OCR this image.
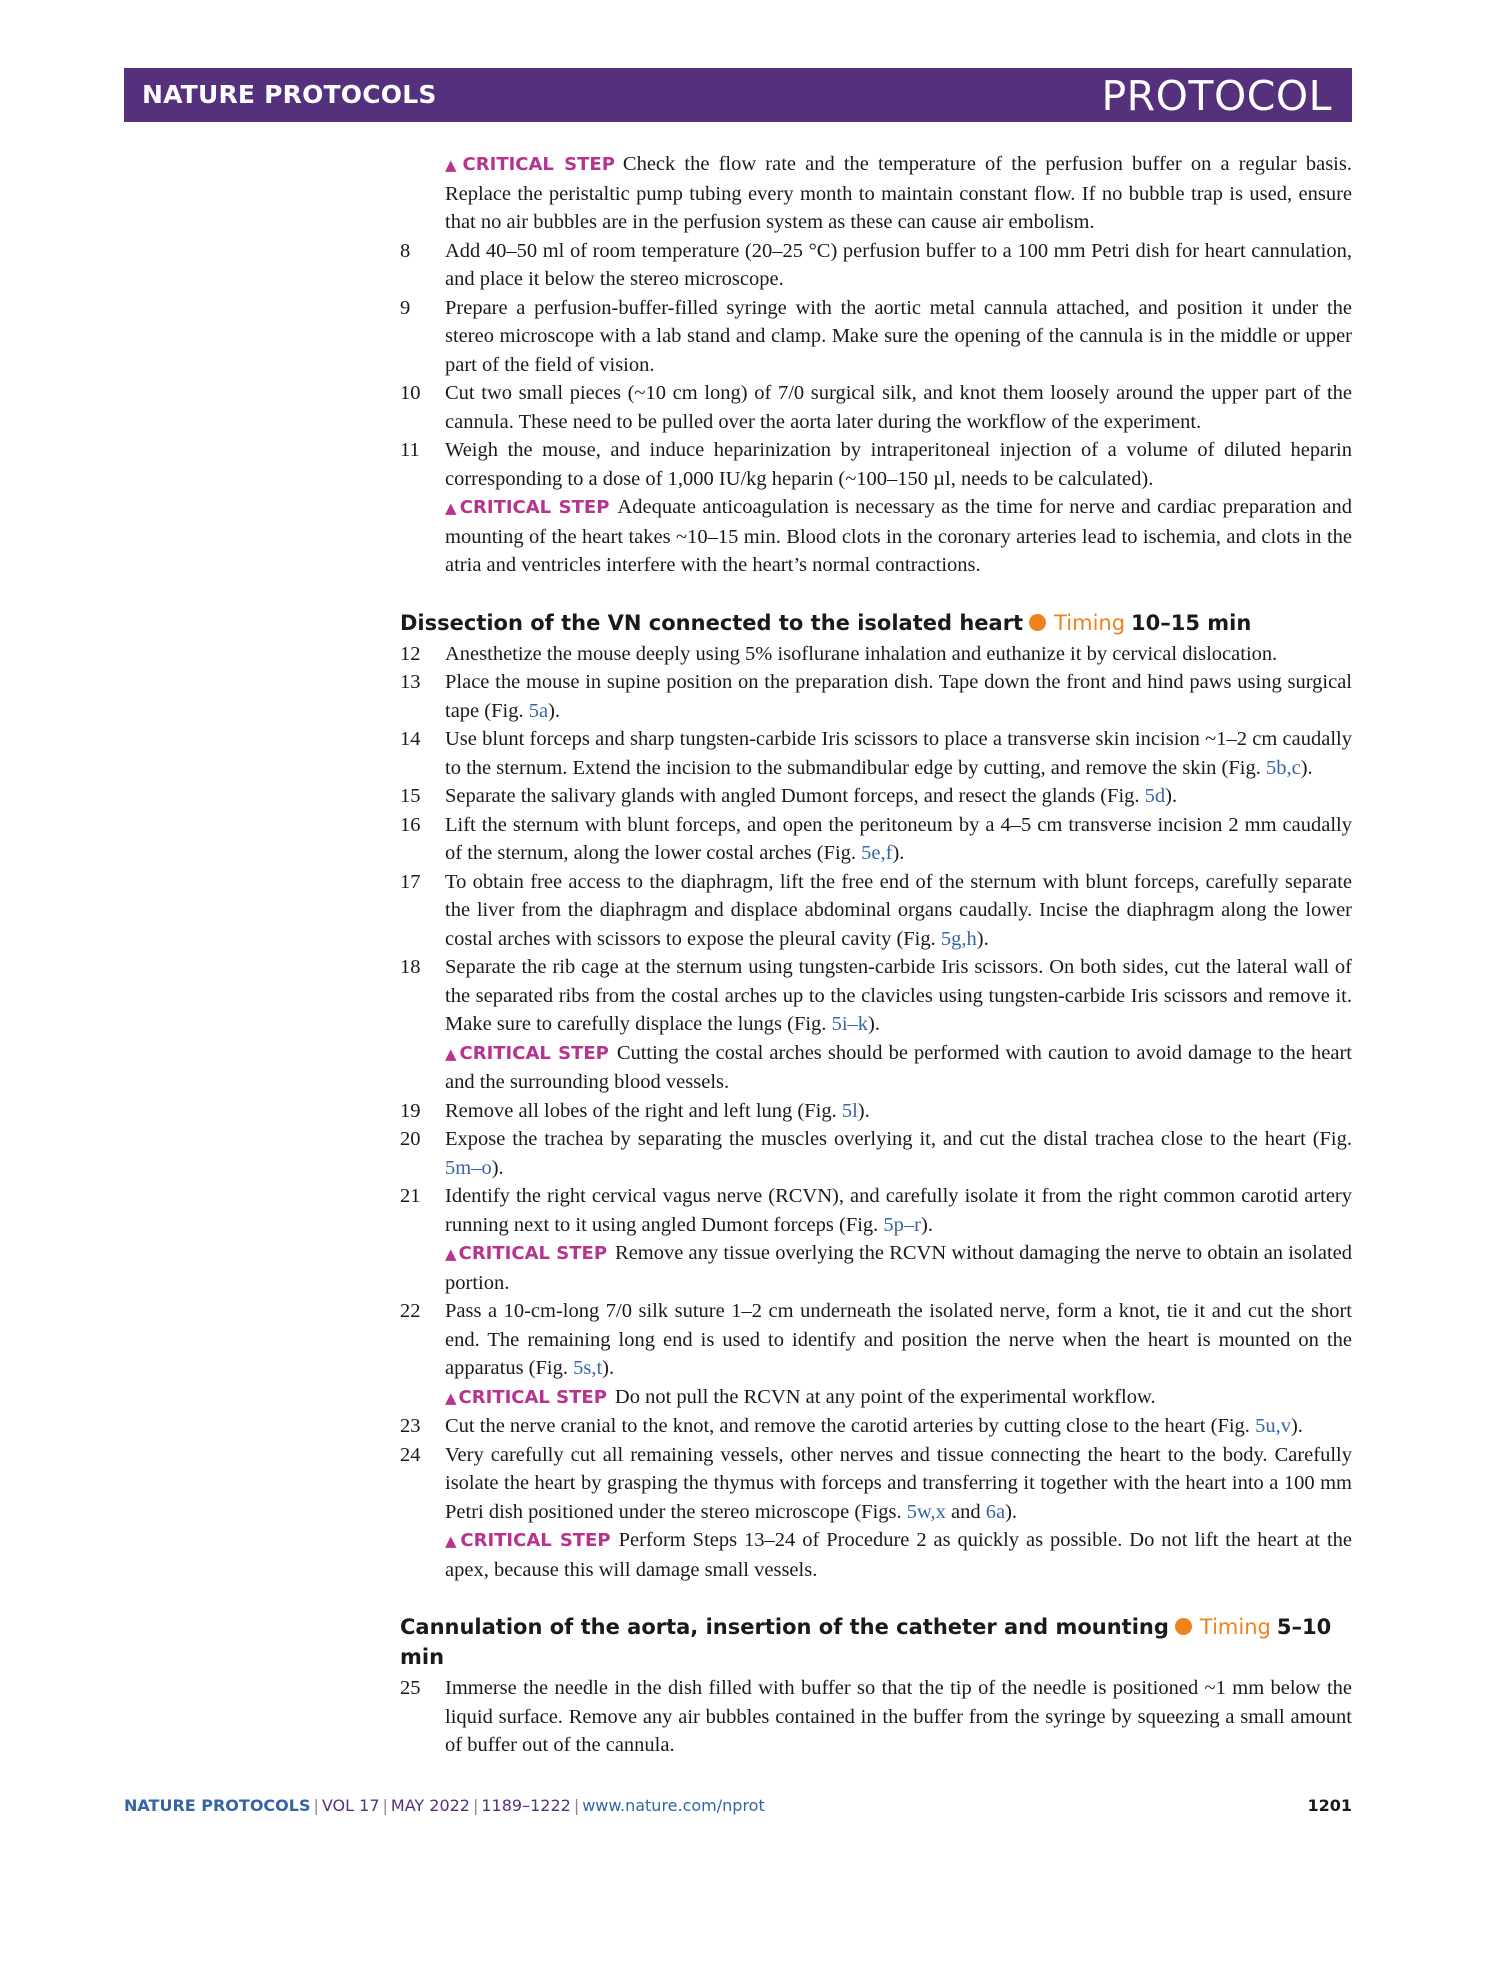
NATURE PROTOCOLS	PROTOCOL
▲ CRITICAL STEP Check the flow rate and the temperature of the perfusion buffer on a regular basis. Replace the peristaltic pump tubing every month to maintain constant flow. If no bubble trap is used, ensure that no air bubbles are in the perfusion system as these can cause air embolism.
8 Add 40–50 ml of room temperature (20–25 °C) perfusion buffer to a 100 mm Petri dish for heart cannulation, and place it below the stereo microscope.
9 Prepare a perfusion-buffer-filled syringe with the aortic metal cannula attached, and position it under the stereo microscope with a lab stand and clamp. Make sure the opening of the cannula is in the middle or upper part of the field of vision.
10 Cut two small pieces (~10 cm long) of 7/0 surgical silk, and knot them loosely around the upper part of the cannula. These need to be pulled over the aorta later during the workflow of the experiment.
11 Weigh the mouse, and induce heparinization by intraperitoneal injection of a volume of diluted heparin corresponding to a dose of 1,000 IU/kg heparin (~100–150 µl, needs to be calculated).
▲ CRITICAL STEP Adequate anticoagulation is necessary as the time for nerve and cardiac preparation and mounting of the heart takes ~10–15 min. Blood clots in the coronary arteries lead to ischemia, and clots in the atria and ventricles interfere with the heart’s normal contractions.
Dissection of the VN connected to the isolated heart Timing 10–15 min
12 Anesthetize the mouse deeply using 5% isoflurane inhalation and euthanize it by cervical dislocation.
13 Place the mouse in supine position on the preparation dish. Tape down the front and hind paws using surgical tape (Fig. 5a).
14 Use blunt forceps and sharp tungsten-carbide Iris scissors to place a transverse skin incision ~1–2 cm caudally to the sternum. Extend the incision to the submandibular edge by cutting, and remove the skin (Fig. 5b,c).
15 Separate the salivary glands with angled Dumont forceps, and resect the glands (Fig. 5d).
16 Lift the sternum with blunt forceps, and open the peritoneum by a 4–5 cm transverse incision 2 mm caudally of the sternum, along the lower costal arches (Fig. 5e,f).
17 To obtain free access to the diaphragm, lift the free end of the sternum with blunt forceps, carefully separate the liver from the diaphragm and displace abdominal organs caudally. Incise the diaphragm along the lower costal arches with scissors to expose the pleural cavity (Fig. 5g,h).
18 Separate the rib cage at the sternum using tungsten-carbide Iris scissors. On both sides, cut the lateral wall of the separated ribs from the costal arches up to the clavicles using tungsten-carbide Iris scissors and remove it. Make sure to carefully displace the lungs (Fig. 5i–k).
▲ CRITICAL STEP Cutting the costal arches should be performed with caution to avoid damage to the heart and the surrounding blood vessels.
19 Remove all lobes of the right and left lung (Fig. 5l).
20 Expose the trachea by separating the muscles overlying it, and cut the distal trachea close to the heart (Fig. 5m–o).
21 Identify the right cervical vagus nerve (RCVN), and carefully isolate it from the right common carotid artery running next to it using angled Dumont forceps (Fig. 5p–r).
▲ CRITICAL STEP Remove any tissue overlying the RCVN without damaging the nerve to obtain an isolated portion.
22 Pass a 10-cm-long 7/0 silk suture 1–2 cm underneath the isolated nerve, form a knot, tie it and cut the short end. The remaining long end is used to identify and position the nerve when the heart is mounted on the apparatus (Fig. 5s,t).
▲ CRITICAL STEP Do not pull the RCVN at any point of the experimental workflow.
23 Cut the nerve cranial to the knot, and remove the carotid arteries by cutting close to the heart (Fig. 5u,v).
24 Very carefully cut all remaining vessels, other nerves and tissue connecting the heart to the body. Carefully isolate the heart by grasping the thymus with forceps and transferring it together with the heart into a 100 mm Petri dish positioned under the stereo microscope (Figs. 5w,x and 6a).
▲ CRITICAL STEP Perform Steps 13–24 of Procedure 2 as quickly as possible. Do not lift the heart at the apex, because this will damage small vessels.
Cannulation of the aorta, insertion of the catheter and mounting Timing 5–10 min
25 Immerse the needle in the dish filled with buffer so that the tip of the needle is positioned ~1 mm below the liquid surface. Remove any air bubbles contained in the buffer from the syringe by squeezing a small amount of buffer out of the cannula.
NATURE PROTOCOLS | VOL 17 | MAY 2022 | 1189–1222 | www.nature.com/nprot	1201
